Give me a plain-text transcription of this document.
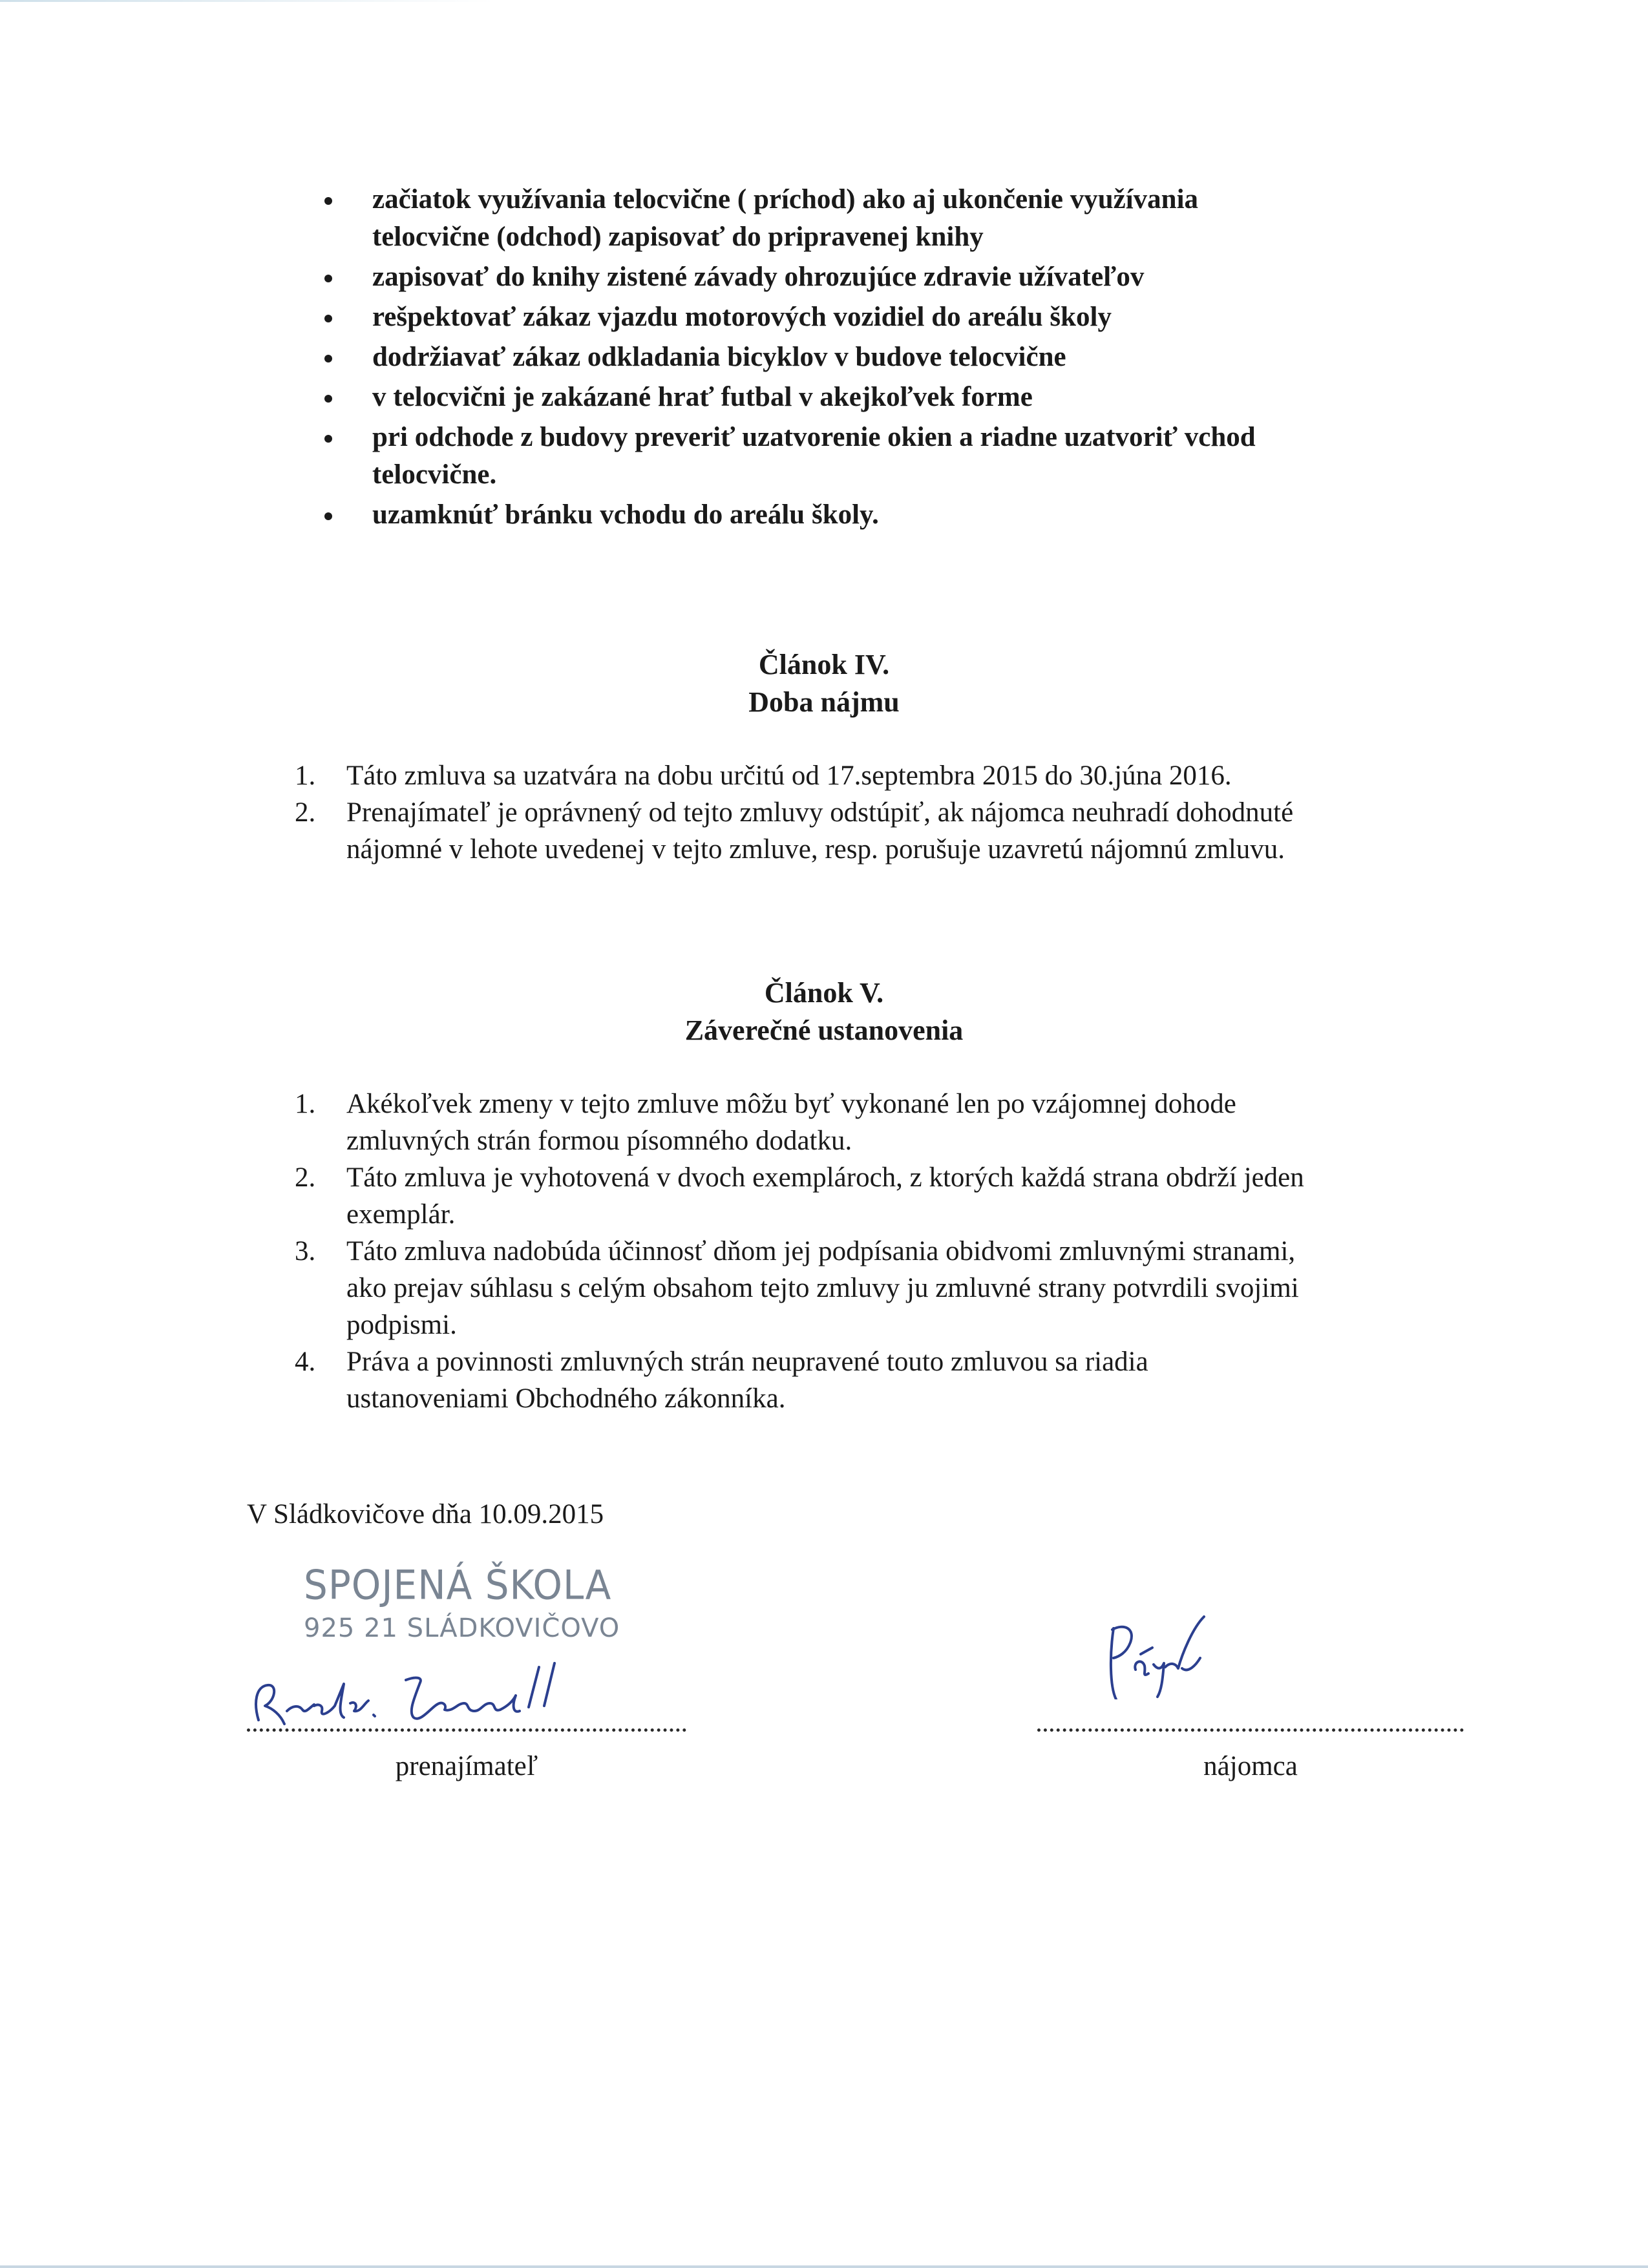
začiatok využívania telocvične ( príchod) ako aj ukončenie využívania
telocvične (odchod) zapisovať do pripravenej knihy
zapisovať do knihy zistené závady ohrozujúce zdravie užívateľov
rešpektovať zákaz vjazdu motorových vozidiel do areálu školy
dodržiavať zákaz odkladania bicyklov v budove telocvične
v telocvični je zakázané hrať futbal v akejkoľvek forme
pri odchode z budovy preveriť uzatvorenie okien a riadne uzatvoriť vchod
telocvične.
uzamknúť bránku vchodu do areálu školy.
Článok IV.
Doba nájmu
1. Táto zmluva sa uzatvára na dobu určitú od 17.septembra 2015 do 30.júna 2016.
2. Prenajímateľ je oprávnený od tejto zmluvy odstúpiť, ak nájomca neuhradí dohodnuté
nájomné v lehote uvedenej v tejto zmluve, resp. porušuje uzavretú nájomnú zmluvu.
Článok V.
Záverečné ustanovenia
1. Akékoľvek zmeny v tejto zmluve môžu byť vykonané len po vzájomnej dohode
zmluvných strán formou písomného dodatku.
2. Táto zmluva je vyhotovená v dvoch exemplároch, z ktorých každá strana obdrží jeden
exemplár.
3. Táto zmluva nadobúda účinnosť dňom jej podpísania obidvomi zmluvnými stranami,
ako prejav súhlasu s celým obsahom tejto zmluvy ju zmluvné strany potvrdili svojimi
podpismi.
4. Práva a povinnosti zmluvných strán neupravené touto zmluvou sa riadia
ustanoveniami Obchodného zákonníka.
V Sládkovičove dňa 10.09.2015
SPOJENÁ ŠKOLA
925 21 SLÁDKOVIČOVO
prenajímateľ	nájomca
